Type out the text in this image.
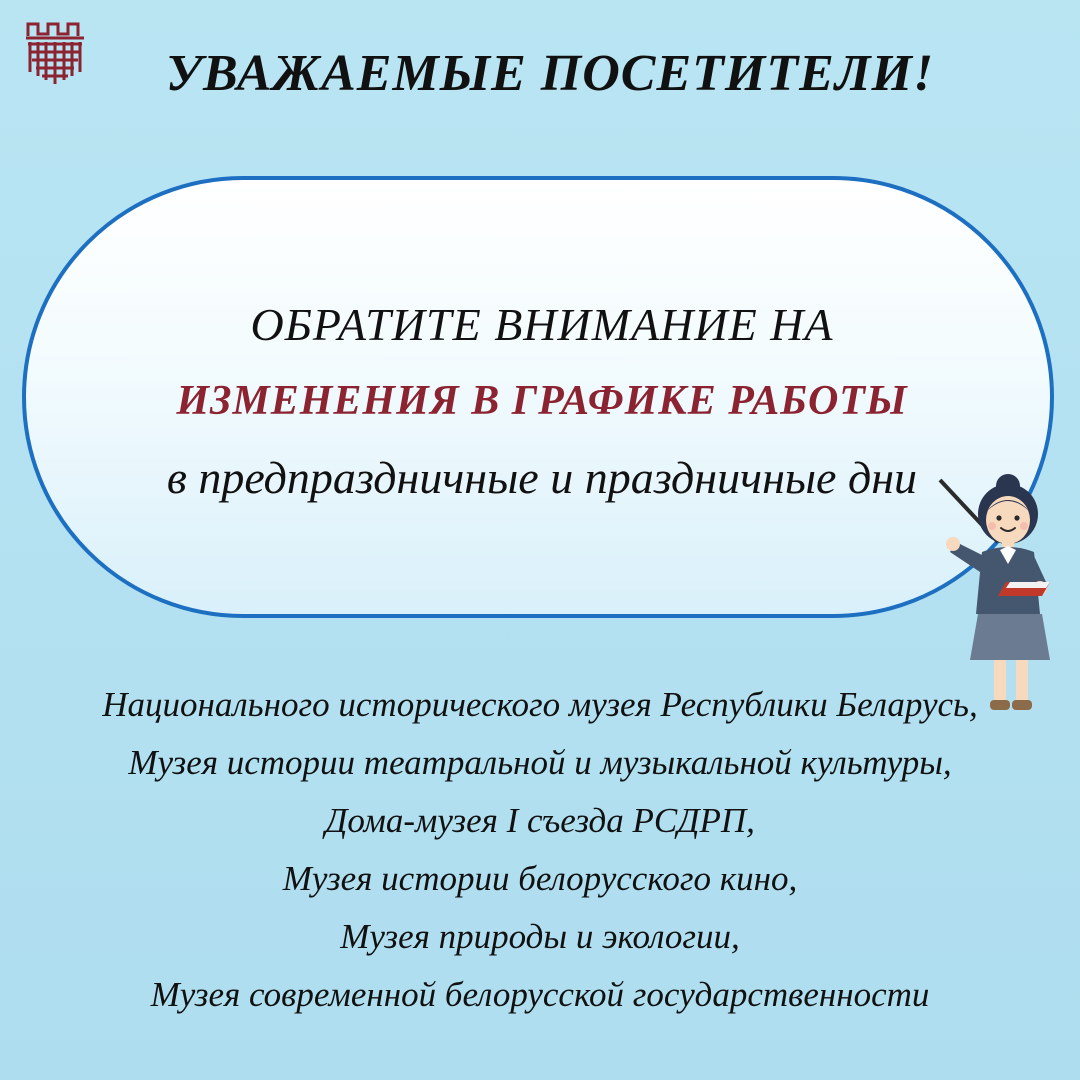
УВАЖАЕМЫЕ ПОСЕТИТЕЛИ!
ОБРАТИТЕ ВНИМАНИЕ НА
ИЗМЕНЕНИЯ В ГРАФИКЕ РАБОТЫ
в предпраздничные и праздничные дни
Национального исторического музея Республики Беларусь,
Музея истории театральной и музыкальной культуры,
Дома-музея I съезда РСДРП,
Музея истории белорусского кино,
Музея природы и экологии,
Музея современной белорусской государственности
